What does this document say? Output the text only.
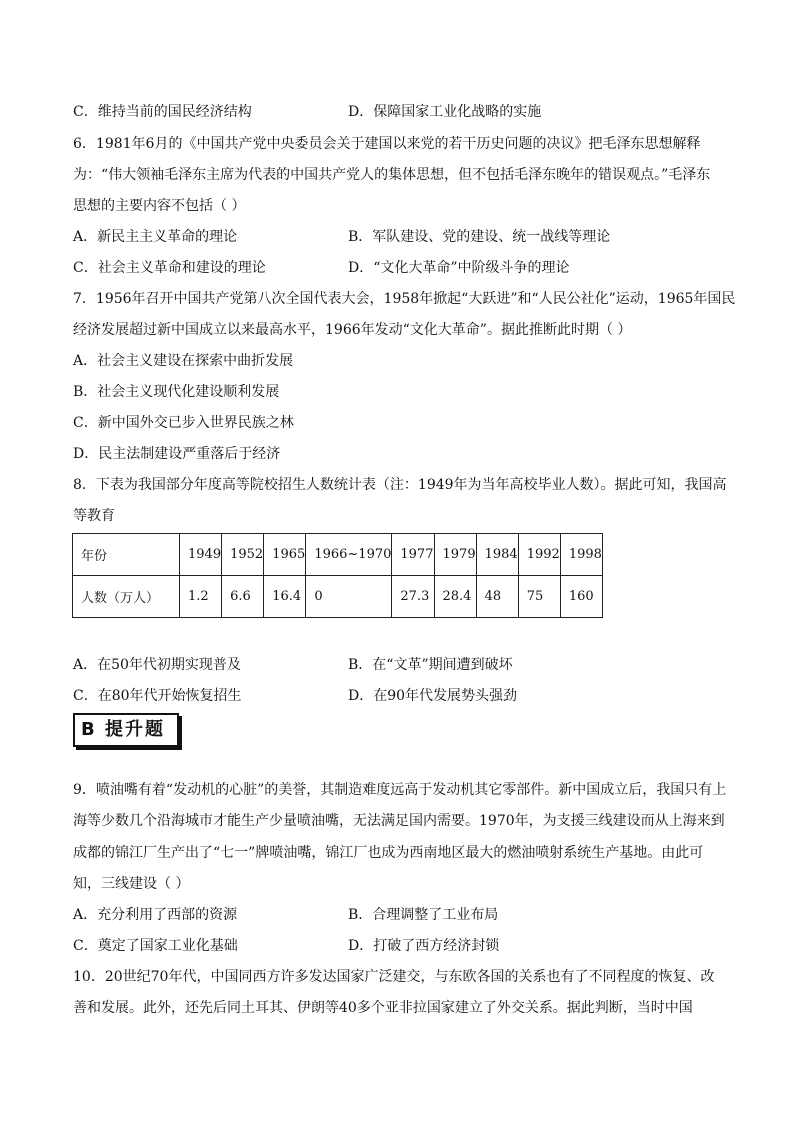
C．维持当前的国民经济结构	D．保障国家工业化战略的实施
6．1981年6月的《中国共产党中央委员会关于建国以来党的若干历史问题的决议》把毛泽东思想解释
为：“伟大领袖毛泽东主席为代表的中国共产党人的集体思想，但不包括毛泽东晚年的错误观点。”毛泽东
思想的主要内容不包括（ ）
A．新民主主义革命的理论	B．军队建设、党的建设、统一战线等理论
C．社会主义革命和建设的理论	D．“文化大革命”中阶级斗争的理论
7．1956年召开中国共产党第八次全国代表大会，1958年掀起“大跃进”和“人民公社化”运动，1965年国民
经济发展超过新中国成立以来最高水平，1966年发动“文化大革命”。据此推断此时期（ ）
A．社会主义建设在探索中曲折发展
B．社会主义现代化建设顺利发展
C．新中国外交已步入世界民族之林
D．民主法制建设严重落后于经济
8．下表为我国部分年度高等院校招生人数统计表（注：1949年为当年高校毕业人数）。据此可知，我国高
等教育
年份	1949	1952	1965	1966~1970	1977	1979	1984	1992	1998
人数（万人）	1.2	6.6	16.4	0	27.3	28.4	48	75	160
A．在50年代初期实现普及	B．在“文革”期间遭到破坏
C．在80年代开始恢复招生	D．在90年代发展势头强劲
B 提升题
9．喷油嘴有着“发动机的心脏”的美誉，其制造难度远高于发动机其它零部件。新中国成立后，我国只有上
海等少数几个沿海城市才能生产少量喷油嘴，无法满足国内需要。1970年，为支援三线建设而从上海来到
成都的锦江厂生产出了“七一”牌喷油嘴，锦江厂也成为西南地区最大的燃油喷射系统生产基地。由此可
知，三线建设（ ）
A．充分利用了西部的资源	B．合理调整了工业布局
C．奠定了国家工业化基础	D．打破了西方经济封锁
10．20世纪70年代，中国同西方许多发达国家广泛建交，与东欧各国的关系也有了不同程度的恢复、改
善和发展。此外，还先后同土耳其、伊朗等40多个亚非拉国家建立了外交关系。据此判断，当时中国
